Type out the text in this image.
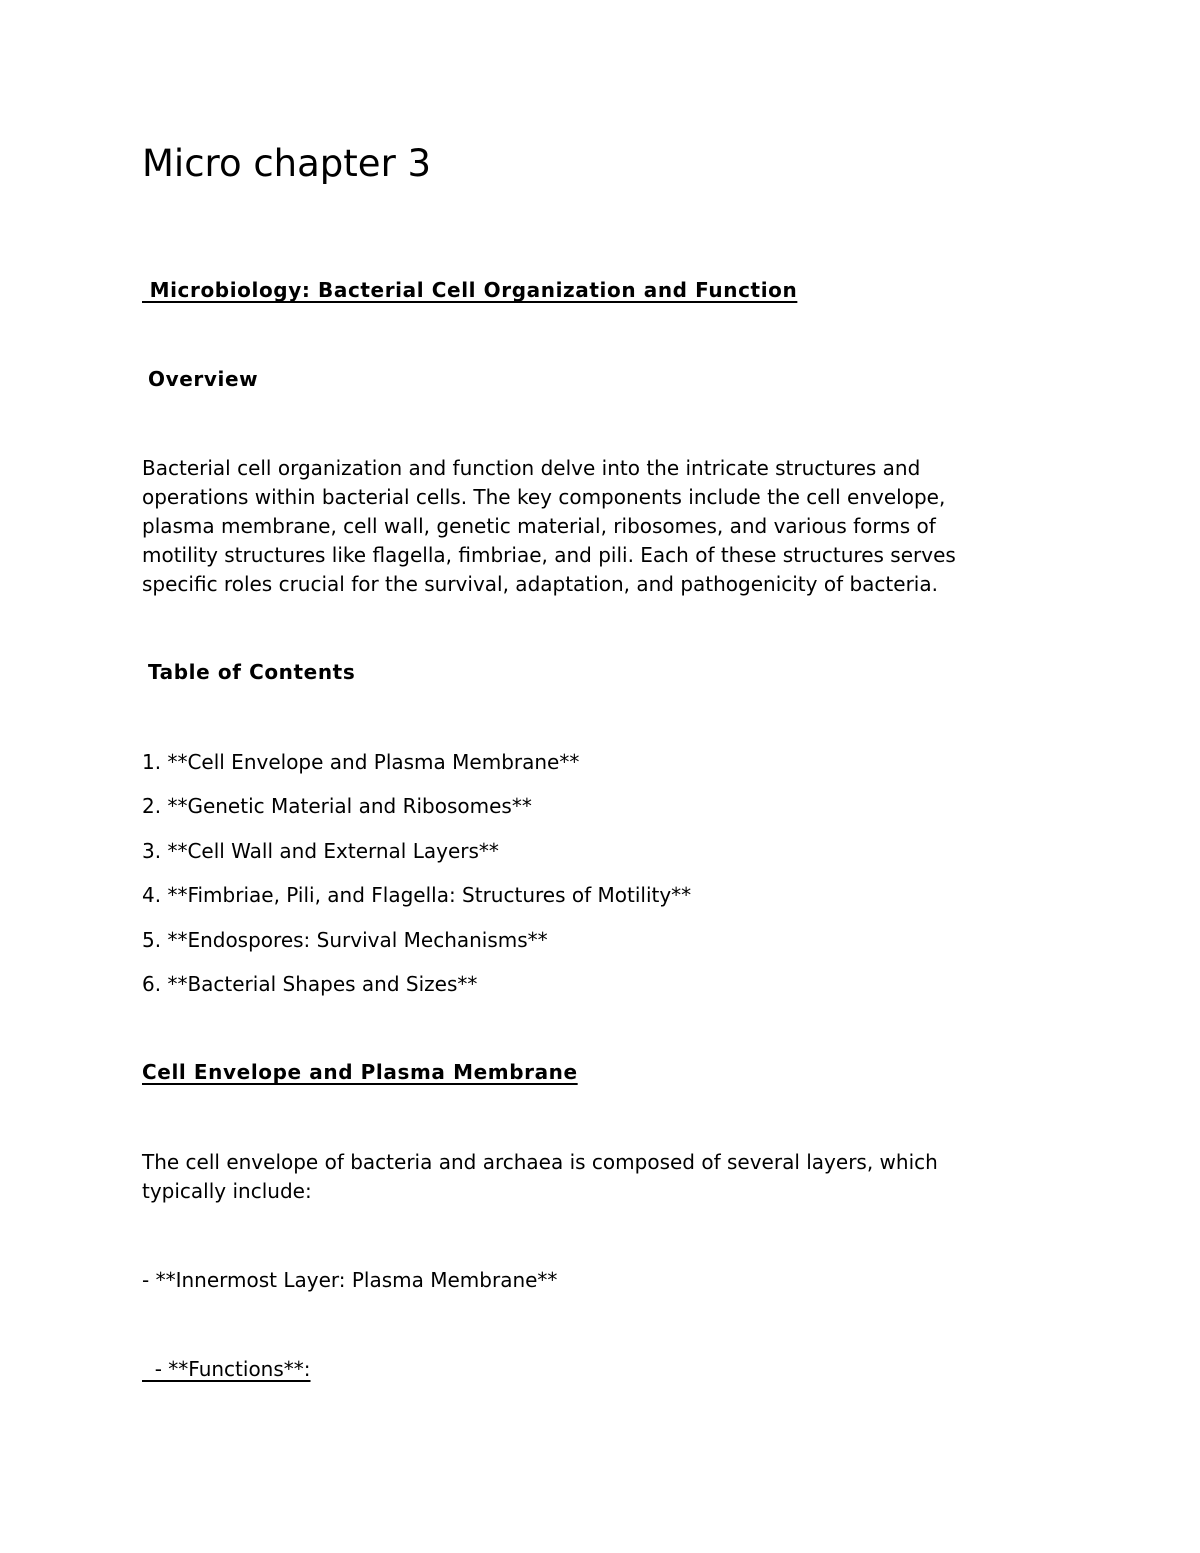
Micro chapter 3
Microbiology: Bacterial Cell Organization and Function
Overview
Bacterial cell organization and function delve into the intricate structures and
operations within bacterial cells. The key components include the cell envelope,
plasma membrane, cell wall, genetic material, ribosomes, and various forms of
motility structures like flagella, fimbriae, and pili. Each of these structures serves
specific roles crucial for the survival, adaptation, and pathogenicity of bacteria.
Table of Contents
1. **Cell Envelope and Plasma Membrane**
2. **Genetic Material and Ribosomes**
3. **Cell Wall and External Layers**
4. **Fimbriae, Pili, and Flagella: Structures of Motility**
5. **Endospores: Survival Mechanisms**
6. **Bacterial Shapes and Sizes**
Cell Envelope and Plasma Membrane
The cell envelope of bacteria and archaea is composed of several layers, which
typically include:
- **Innermost Layer: Plasma Membrane**
- **Functions**:
